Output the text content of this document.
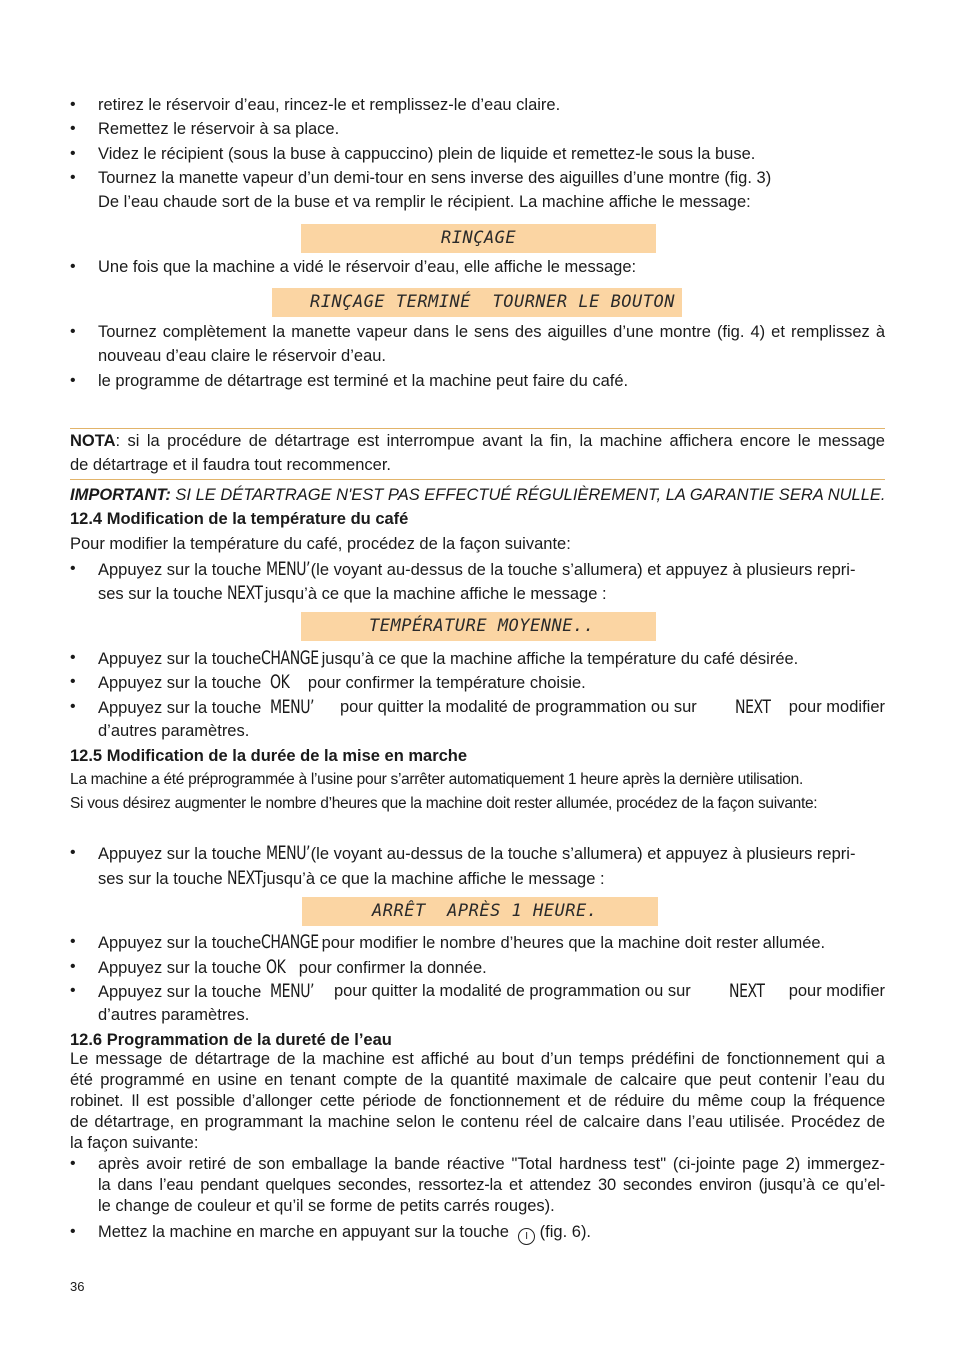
• retirez le réservoir d’eau, rincez-le et remplissez-le d’eau claire.
• Remettez le réservoir à sa place.
• Videz le récipient (sous la buse à cappuccino) plein de liquide et remettez-le sous la buse.
• Tournez la manette vapeur d’un demi-tour en sens inverse des aiguilles d’une montre (fig. 3)
De l’eau chaude sort de la buse et va remplir le récipient. La machine affiche le message:
RINÇAGE
• Une fois que la machine a vidé le réservoir d’eau, elle affiche le message:
RINÇAGE TERMINÉ  TOURNER LE BOUTON
• Tournez complètement la manette vapeur dans le sens des aiguilles d’une montre (fig. 4) et remplissez à
nouveau d’eau claire le réservoir d’eau.
• le programme de détartrage est terminé et la machine peut faire du café.
NOTA: si la procédure de détartrage est interrompue avant la fin, la machine affichera encore le message
de détartrage et il faudra tout recommencer.
IMPORTANT: SI LE DÉTARTRAGE N'EST PAS EFFECTUÉ RÉGULIÈREMENT, LA GARANTIE SERA NULLE.
12.4 Modification de la température du café
Pour modifier la température du café, procédez de la façon suivante:
• Appuyez sur la touche MENU’(le voyant au-dessus de la touche s’allumera) et appuyez à plusieurs repri-
ses sur la touche NEXT jusqu’à ce que la machine affiche le message :
TEMPÉRATURE MOYENNE..
• Appuyez sur la toucheCHANGE jusqu’à ce que la machine affiche la température du café désirée.
• Appuyez sur la touche OK pour confirmer la température choisie.
• Appuyez sur la touche MENU’ pour quitter la modalité de programmation ou sur NEXT pour modifier
d’autres paramètres.
12.5 Modification de la durée de la mise en marche
La machine a été préprogrammée à l’usine pour s’arrêter automatiquement 1 heure après la dernière utilisation.
Si vous désirez augmenter le nombre d’heures que la machine doit rester allumée, procédez de la façon suivante:
• Appuyez sur la touche MENU’(le voyant au-dessus de la touche s’allumera) et appuyez à plusieurs repri-
ses sur la touche NEXTjusqu’à ce que la machine affiche le message :
ARRÊT  APRÈS 1 HEURE.
• Appuyez sur la toucheCHANGE pour modifier le nombre d’heures que la machine doit rester allumée.
• Appuyez sur la touche OK pour confirmer la donnée.
• Appuyez sur la touche MENU’ pour quitter la modalité de programmation ou sur NEXT pour modifier
d’autres paramètres.
12.6 Programmation de la dureté de l’eau
Le message de détartrage de la machine est affiché au bout d’un temps prédéfini de fonctionnement qui a
été programmé en usine en tenant compte de la quantité maximale de calcaire que peut contenir l’eau du
robinet. Il est possible d’allonger cette période de fonctionnement et de réduire du même coup la fréquence
de détartrage, en programmant la machine selon le contenu réel de calcaire dans l’eau utilisée. Procédez de
la façon suivante:
• après avoir retiré de son emballage la bande réactive "Total hardness test" (ci-jointe page 2) immergez-
la dans l’eau pendant quelques secondes, ressortez-la et attendez 30 secondes environ (jusqu’à ce qu’el-
le change de couleur et qu’il se forme de petits carrés rouges).
• Mettez la machine en marche en appuyant sur la touche I (fig. 6).
36
